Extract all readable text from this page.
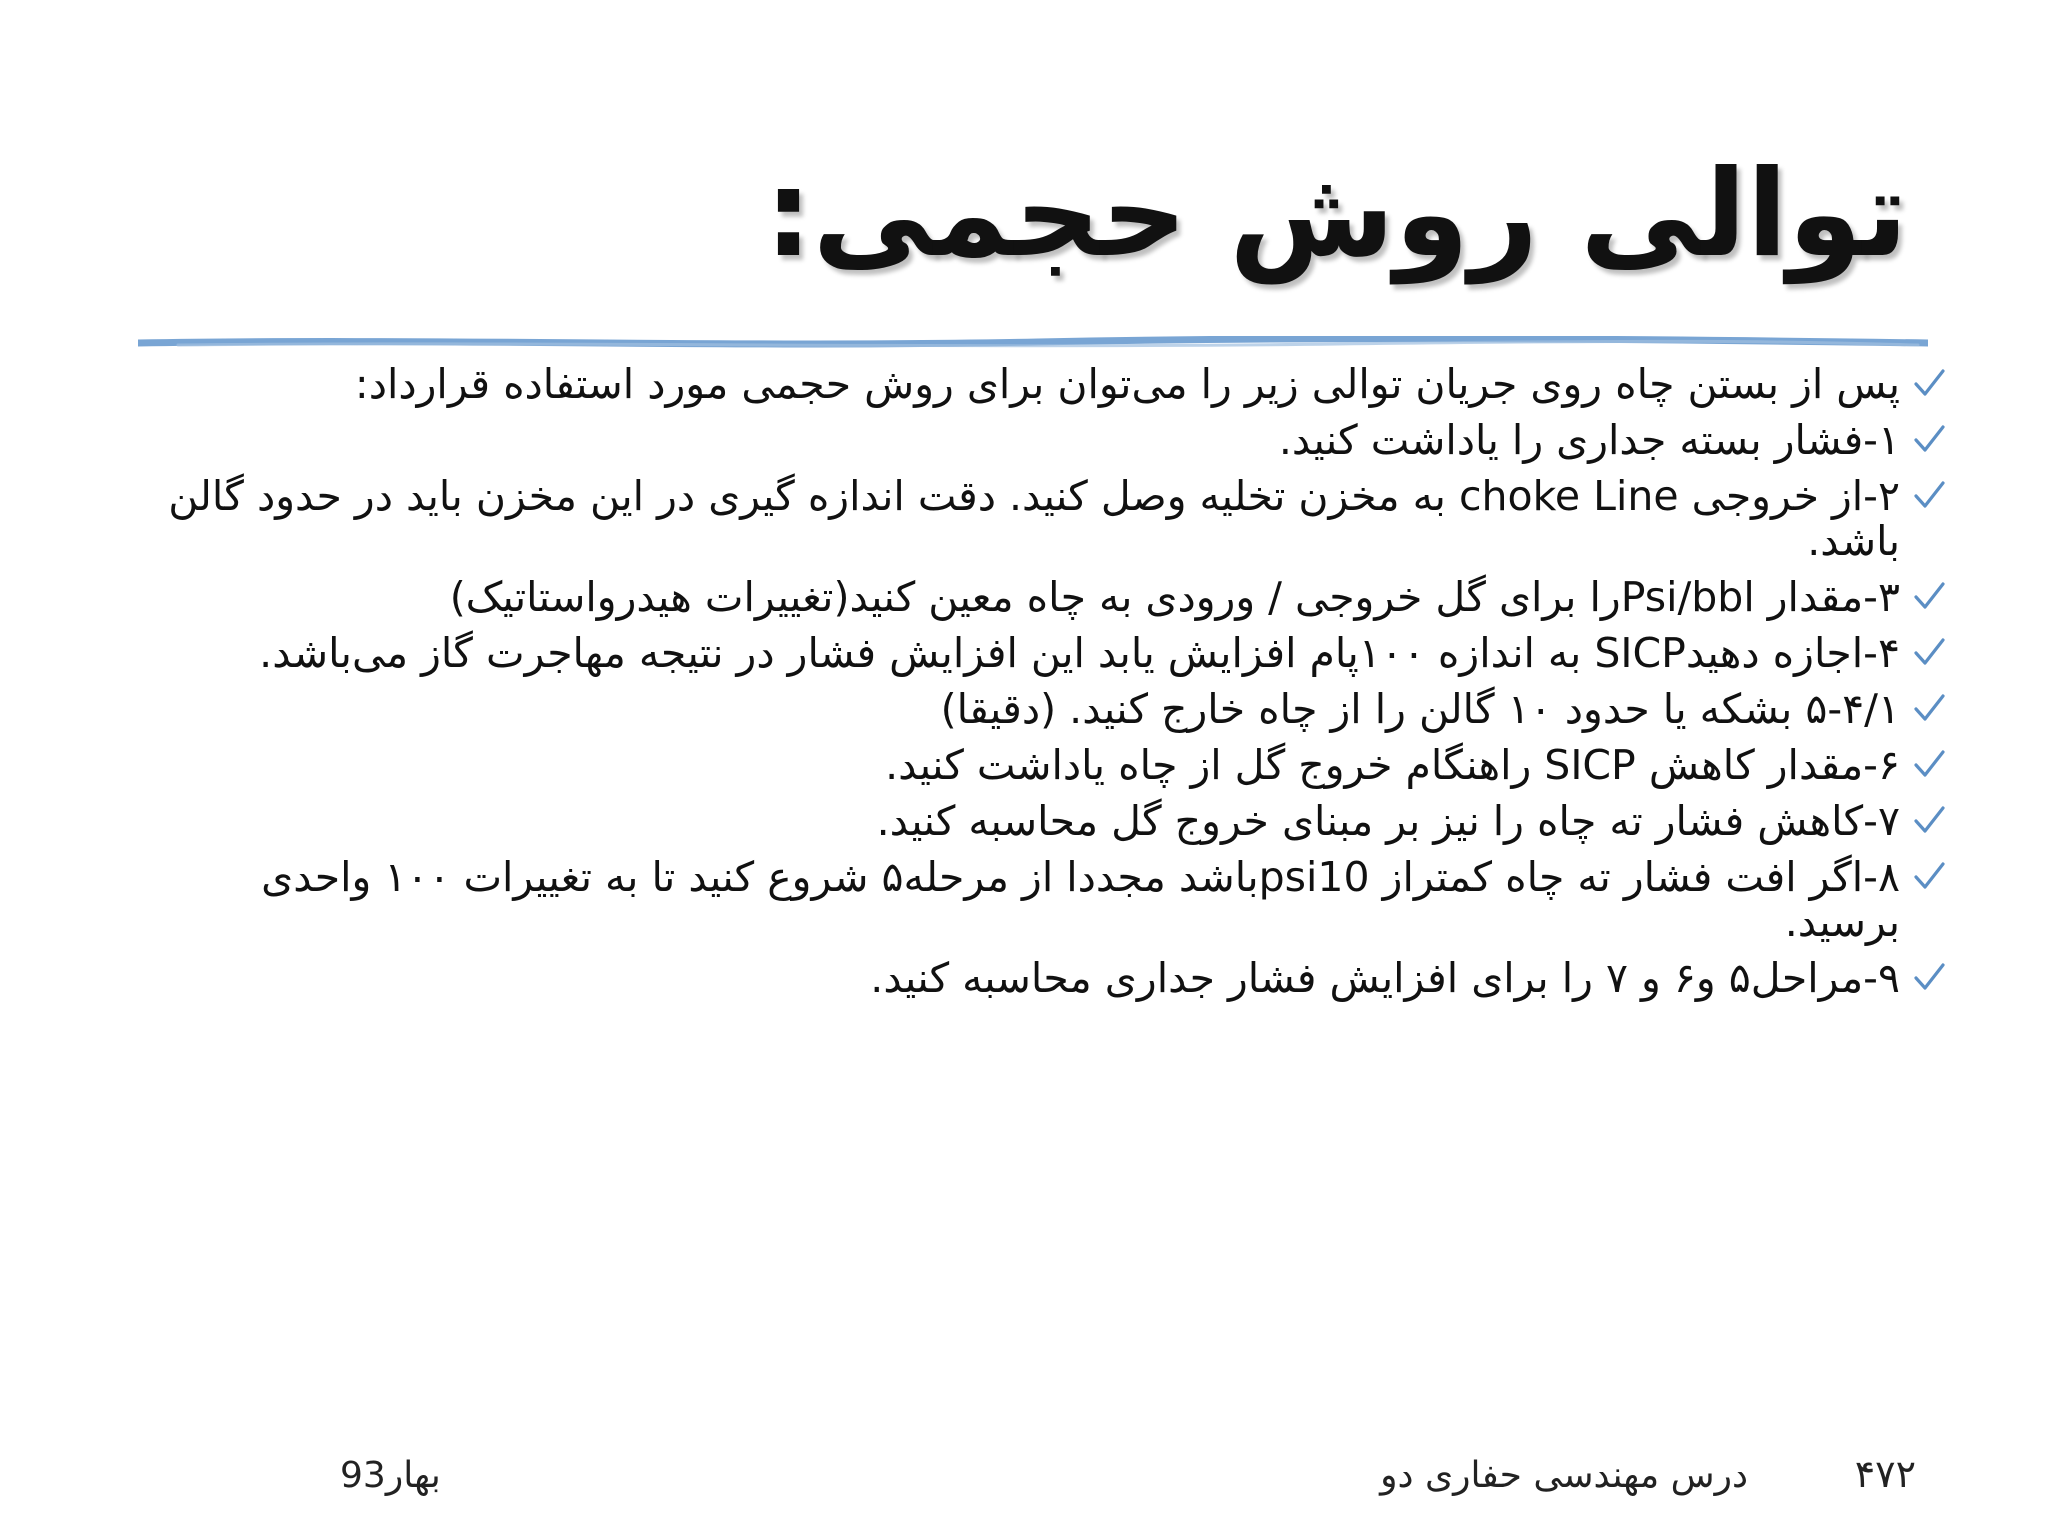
توالی روش حجمی:
پس از بستن چاه روی جریان توالی زیر را می‌توان برای روش حجمی مورد استفاده قرارداد:
۱-فشار بسته جداری را یاداشت کنید.
۲-از خروجی choke Line به مخزن تخلیه وصل کنید. دقت اندازه گیری در این مخزن باید در حدود گالن باشد.
۳-مقدار Psi/bblرا برای گل خروجی / ورودی به چاه معین کنید(تغییرات هیدرواستاتیک)
۴-اجازه دهیدSICP به اندازه ۱۰۰پام افزایش یابد این افزایش فشار در نتیجه مهاجرت گاز می‌باشد.
۵-۴/۱ بشکه یا حدود ۱۰ گالن را از چاه خارج کنید. (دقیقا)
۶-مقدار کاهش SICP راهنگام خروج گل از چاه یاداشت کنید.
۷-کاهش فشار ته چاه را نیز بر مبنای خروج گل محاسبه کنید.
۸-اگر افت فشار ته چاه کمتراز psi10باشد مجددا از مرحله۵ شروع کنید تا به تغییرات ۱۰۰ واحدی برسید.
۹-مراحل۵ و۶ و ۷ را برای افزایش فشار جداری محاسبه کنید.
۴۷۲
درس مهندسی حفاری دو
بهار93
